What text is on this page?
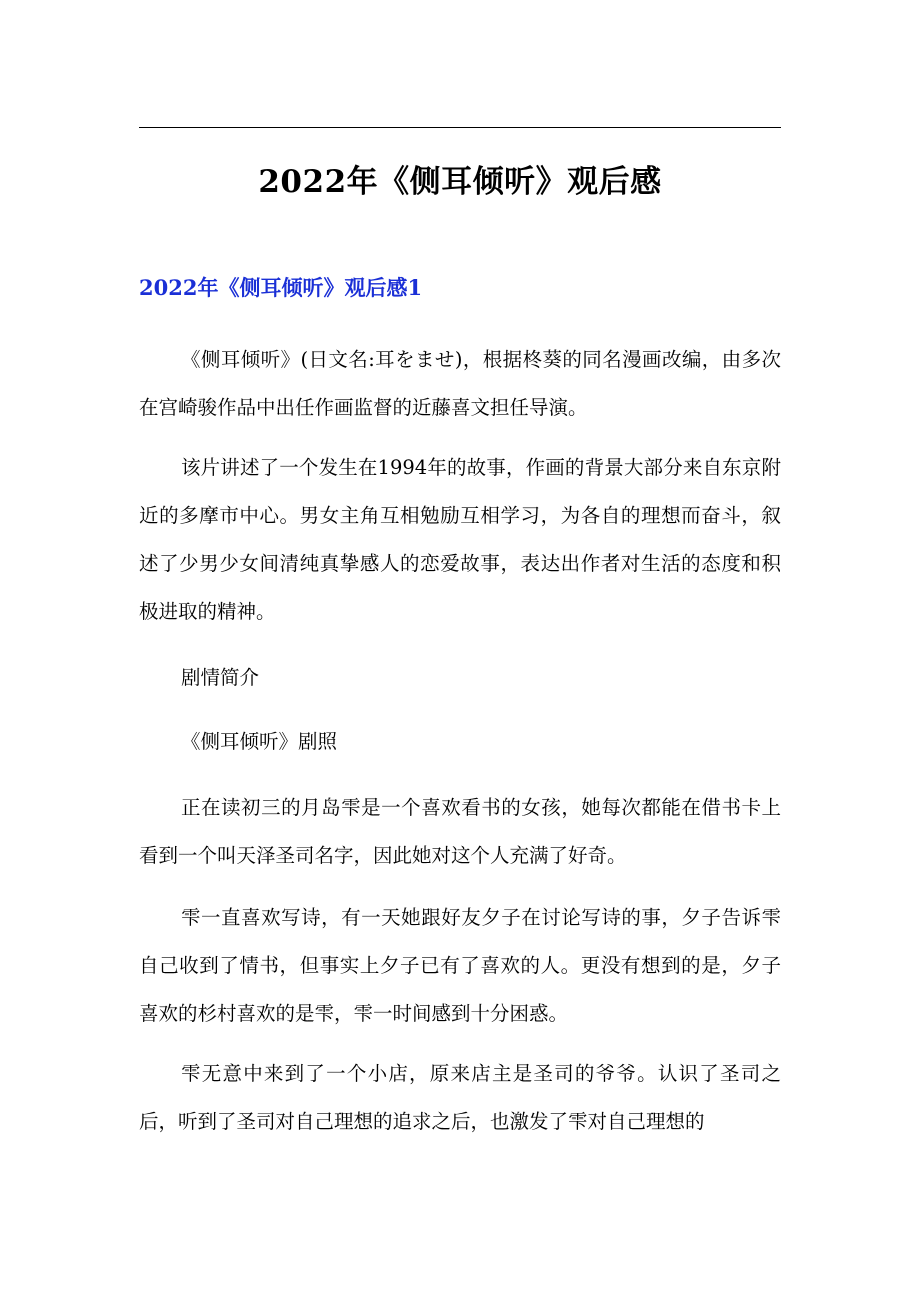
2022年《侧耳倾听》观后感
2022年《侧耳倾听》观后感1

《侧耳倾听》(日文名:耳をませ)，根据柊葵的同名漫画改编，由多次在宫崎骏作品中出任作画监督的近藤喜文担任导演。

该片讲述了一个发生在1994年的故事，作画的背景大部分来自东京附近的多摩市中心。男女主角互相勉励互相学习，为各自的理想而奋斗，叙述了少男少女间清纯真挚感人的恋爱故事，表达出作者对生活的态度和积极进取的精神。

剧情简介

《侧耳倾听》剧照

正在读初三的月岛雫是一个喜欢看书的女孩，她每次都能在借书卡上看到一个叫天泽圣司名字，因此她对这个人充满了好奇。

雫一直喜欢写诗，有一天她跟好友夕子在讨论写诗的事，夕子告诉雫自己收到了情书，但事实上夕子已有了喜欢的人。更没有想到的是，夕子喜欢的杉村喜欢的是雫，雫一时间感到十分困惑。

雫无意中来到了一个小店，原来店主是圣司的爷爷。认识了圣司之后，听到了圣司对自己理想的追求之后，也激发了雫对自己理想的
